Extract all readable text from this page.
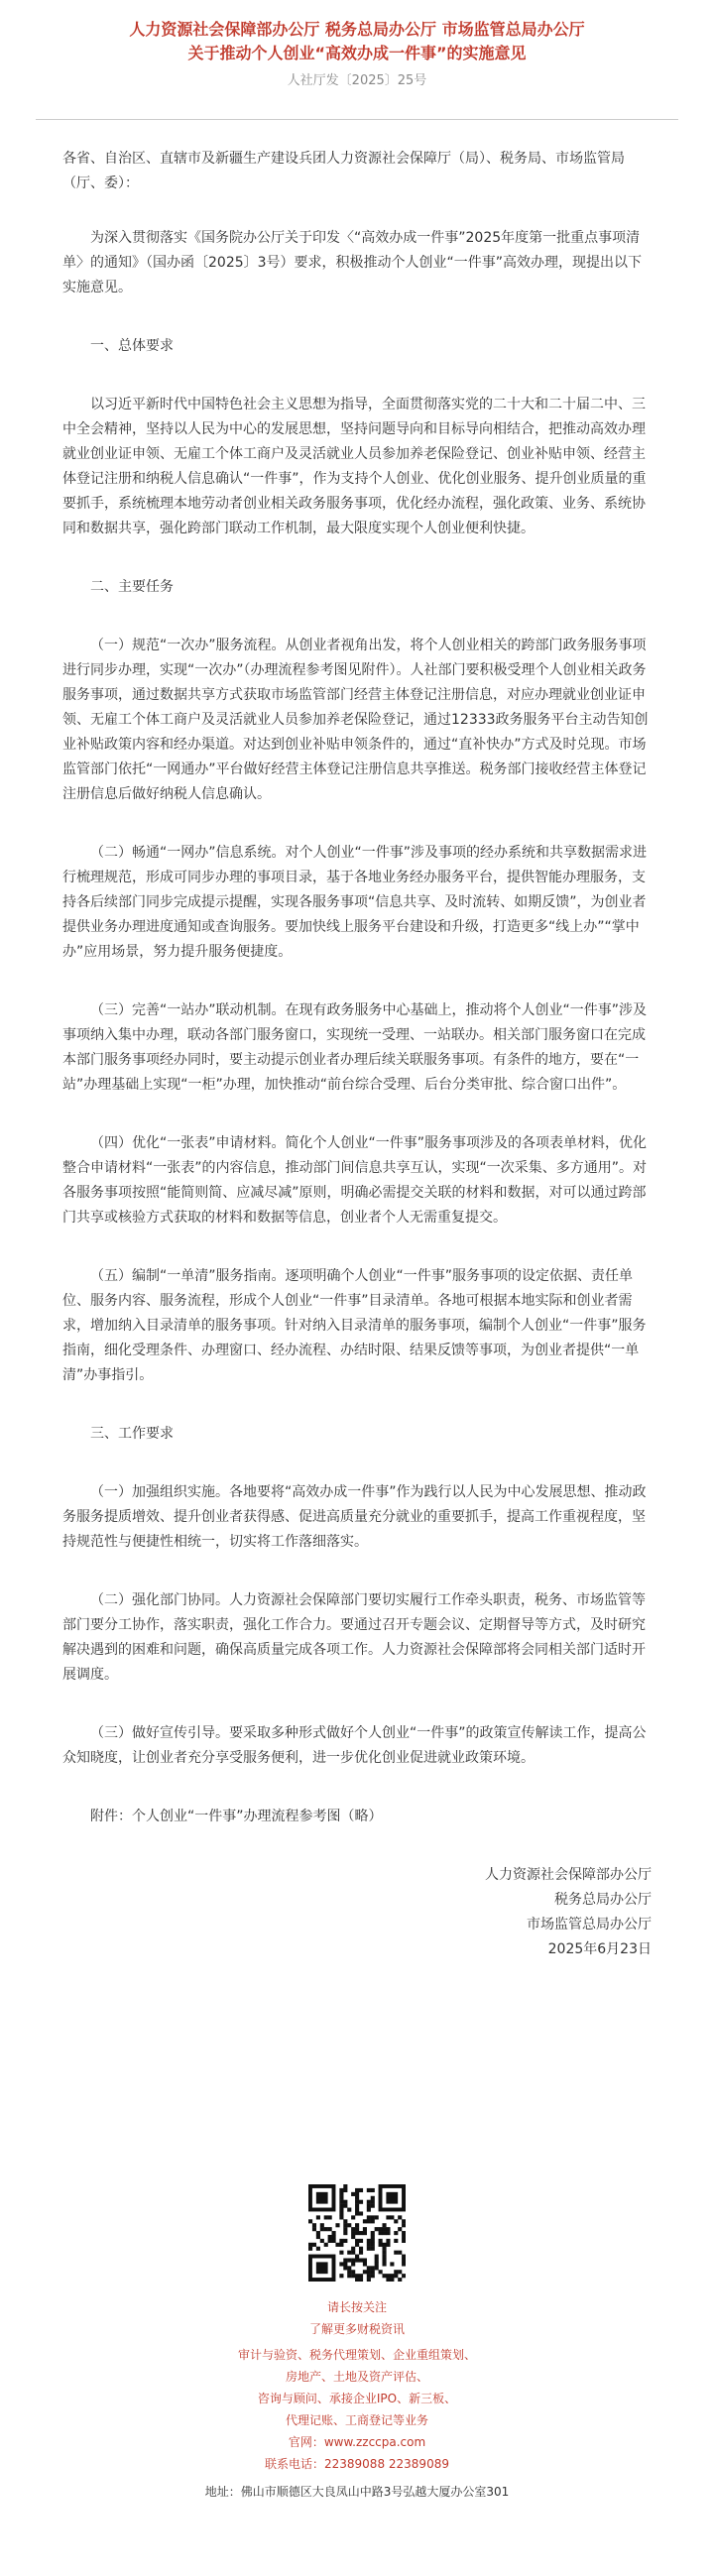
人力资源社会保障部办公厅 税务总局办公厅 市场监管总局办公厅
关于推动个人创业“高效办成一件事”的实施意见
人社厅发〔2025〕25号

各省、自治区、直辖市及新疆生产建设兵团人力资源社会保障厅（局）、税务局、市场监管局（厅、委）：

为深入贯彻落实《国务院办公厅关于印发〈“高效办成一件事”2025年度第一批重点事项清单〉的通知》（国办函〔2025〕3号）要求，积极推动个人创业“一件事”高效办理，现提出以下实施意见。

一、总体要求

以习近平新时代中国特色社会主义思想为指导，全面贯彻落实党的二十大和二十届二中、三中全会精神，坚持以人民为中心的发展思想，坚持问题导向和目标导向相结合，把推动高效办理就业创业证申领、无雇工个体工商户及灵活就业人员参加养老保险登记、创业补贴申领、经营主体登记注册和纳税人信息确认“一件事”，作为支持个人创业、优化创业服务、提升创业质量的重要抓手，系统梳理本地劳动者创业相关政务服务事项，优化经办流程，强化政策、业务、系统协同和数据共享，强化跨部门联动工作机制，最大限度实现个人创业便利快捷。

二、主要任务

（一）规范“一次办”服务流程。从创业者视角出发，将个人创业相关的跨部门政务服务事项进行同步办理，实现“一次办”（办理流程参考图见附件）。人社部门要积极受理个人创业相关政务服务事项，通过数据共享方式获取市场监管部门经营主体登记注册信息，对应办理就业创业证申领、无雇工个体工商户及灵活就业人员参加养老保险登记，通过12333政务服务平台主动告知创业补贴政策内容和经办渠道。对达到创业补贴申领条件的，通过“直补快办”方式及时兑现。市场监管部门依托“一网通办”平台做好经营主体登记注册信息共享推送。税务部门接收经营主体登记注册信息后做好纳税人信息确认。

（二）畅通“一网办”信息系统。对个人创业“一件事”涉及事项的经办系统和共享数据需求进行梳理规范，形成可同步办理的事项目录，基于各地业务经办服务平台，提供智能办理服务，支持各后续部门同步完成提示提醒，实现各服务事项“信息共享、及时流转、如期反馈”，为创业者提供业务办理进度通知或查询服务。要加快线上服务平台建设和升级，打造更多“线上办”“掌中办”应用场景，努力提升服务便捷度。

（三）完善“一站办”联动机制。在现有政务服务中心基础上，推动将个人创业“一件事”涉及事项纳入集中办理，联动各部门服务窗口，实现统一受理、一站联办。相关部门服务窗口在完成本部门服务事项经办同时，要主动提示创业者办理后续关联服务事项。有条件的地方，要在“一站”办理基础上实现“一柜”办理，加快推动“前台综合受理、后台分类审批、综合窗口出件”。

（四）优化“一张表”申请材料。简化个人创业“一件事”服务事项涉及的各项表单材料，优化整合申请材料“一张表”的内容信息，推动部门间信息共享互认，实现“一次采集、多方通用”。对各服务事项按照“能简则简、应减尽减”原则，明确必需提交关联的材料和数据，对可以通过跨部门共享或核验方式获取的材料和数据等信息，创业者个人无需重复提交。

（五）编制“一单清”服务指南。逐项明确个人创业“一件事”服务事项的设定依据、责任单位、服务内容、服务流程，形成个人创业“一件事”目录清单。各地可根据本地实际和创业者需求，增加纳入目录清单的服务事项。针对纳入目录清单的服务事项，编制个人创业“一件事”服务指南，细化受理条件、办理窗口、经办流程、办结时限、结果反馈等事项，为创业者提供“一单清”办事指引。

三、工作要求

（一）加强组织实施。各地要将“高效办成一件事”作为践行以人民为中心发展思想、推动政务服务提质增效、提升创业者获得感、促进高质量充分就业的重要抓手，提高工作重视程度，坚持规范性与便捷性相统一，切实将工作落细落实。

（二）强化部门协同。人力资源社会保障部门要切实履行工作牵头职责，税务、市场监管等部门要分工协作，落实职责，强化工作合力。要通过召开专题会议、定期督导等方式，及时研究解决遇到的困难和问题，确保高质量完成各项工作。人力资源社会保障部将会同相关部门适时开展调度。

（三）做好宣传引导。要采取多种形式做好个人创业“一件事”的政策宣传解读工作，提高公众知晓度，让创业者充分享受服务便利，进一步优化创业促进就业政策环境。

附件：个人创业“一件事”办理流程参考图（略）

人力资源社会保障部办公厅
税务总局办公厅
市场监管总局办公厅
2025年6月23日
请长按关注
了解更多财税资讯
审计与验资、税务代理策划、企业重组策划、
房地产、土地及资产评估、
咨询与顾问、承接企业IPO、新三板、
代理记账、工商登记等业务
官网：www.zzccpa.com
联系电话：22389088 22389089
地址：佛山市顺德区大良凤山中路3号弘越大厦办公室301
